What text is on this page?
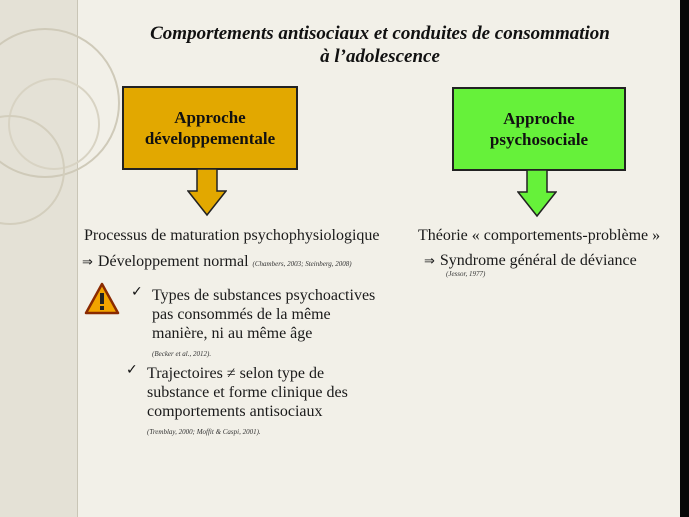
Comportements antisociaux et conduites de consommation
à l’adolescence
Approche
développementale
Approche
psychosociale
Processus de maturation psychophysiologique
⇒ Développement normal (Chambers, 2003; Steinberg, 2008)
✓ Types de substances psychoactives
pas consommés de la même
manière, ni au même âge
(Becker et al., 2012).
✓ Trajectoires ≠ selon type de
substance et forme clinique des
comportements antisociaux
(Tremblay, 2000; Moffit & Caspi, 2001).
Théorie « comportements-problème »
⇒ Syndrome général de déviance
(Jessor, 1977)
